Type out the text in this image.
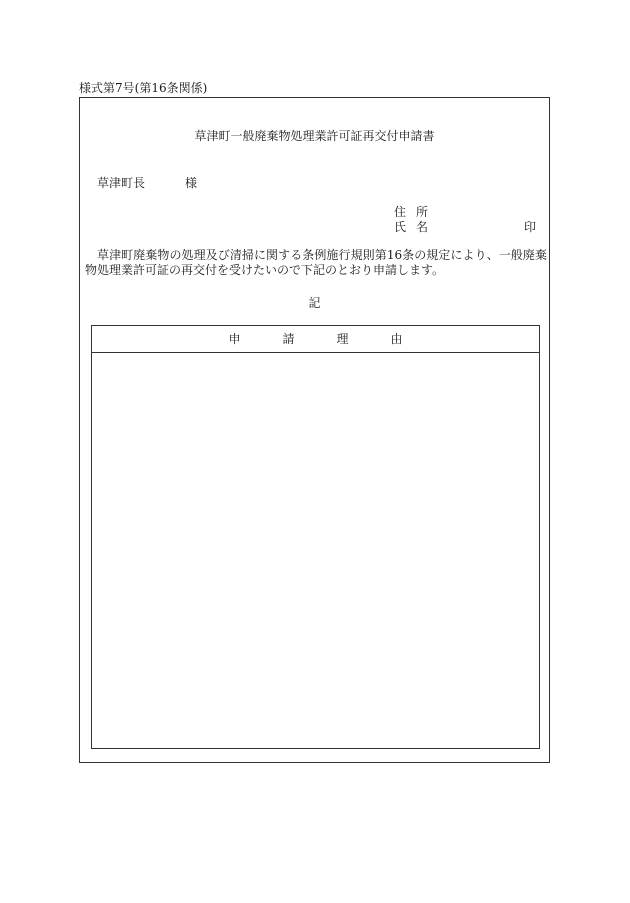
様式第7号(第16条関係)
草津町一般廃棄物処理業許可証再交付申請書
草津町長	様
住所
氏名	印
草津町廃棄物の処理及び清掃に関する条例施行規則第16条の規定により、一般廃棄物処理業許可証の再交付を受けたいので下記のとおり申請します。
記
申	請	理	由
